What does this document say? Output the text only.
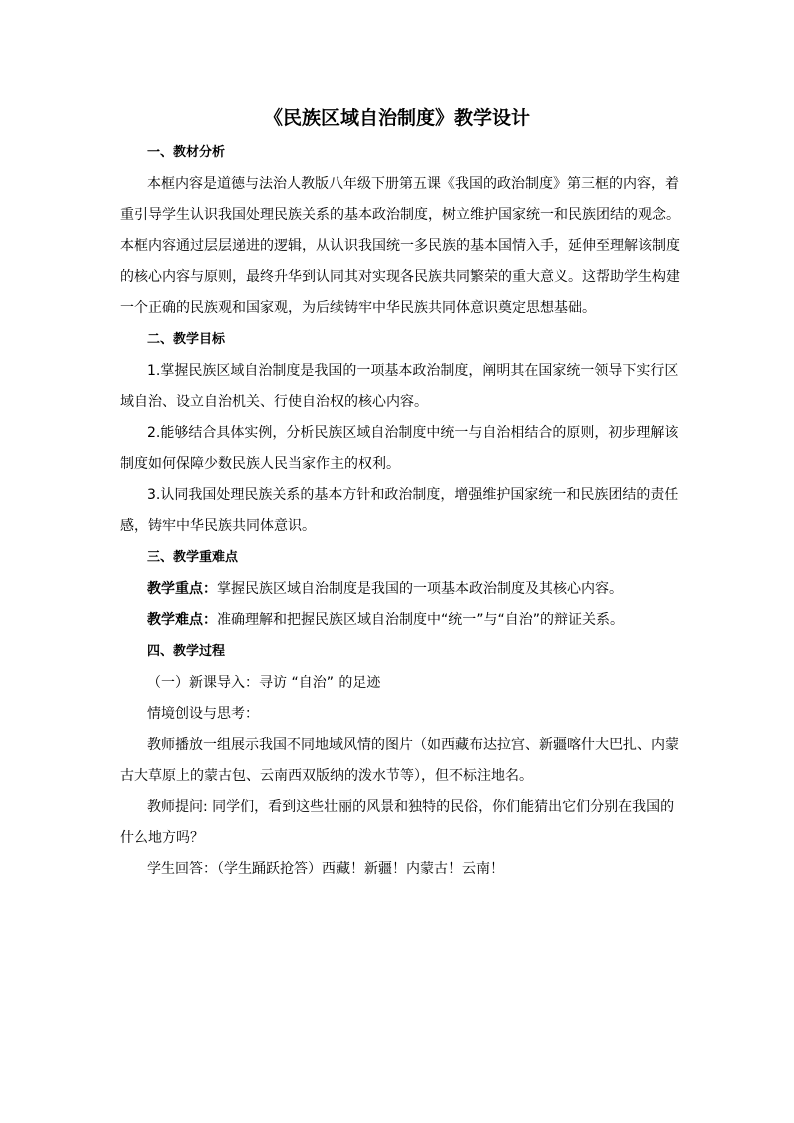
《民族区域自治制度》教学设计
一、教材分析
本框内容是道德与法治人教版八年级下册第五课《我国的政治制度》第三框的内容，着
重引导学生认识我国处理民族关系的基本政治制度，树立维护国家统一和民族团结的观念。
本框内容通过层层递进的逻辑，从认识我国统一多民族的基本国情入手，延伸至理解该制度
的核心内容与原则，最终升华到认同其对实现各民族共同繁荣的重大意义。这帮助学生构建
一个正确的民族观和国家观，为后续铸牢中华民族共同体意识奠定思想基础。
二、教学目标
1.掌握民族区域自治制度是我国的一项基本政治制度，阐明其在国家统一领导下实行区
域自治、设立自治机关、行使自治权的核心内容。
2.能够结合具体实例，分析民族区域自治制度中统一与自治相结合的原则，初步理解该
制度如何保障少数民族人民当家作主的权利。
3.认同我国处理民族关系的基本方针和政治制度，增强维护国家统一和民族团结的责任
感，铸牢中华民族共同体意识。
三、教学重难点
教学重点：掌握民族区域自治制度是我国的一项基本政治制度及其核心内容。
教学难点：准确理解和把握民族区域自治制度中“统一”与“自治”的辩证关系。
四、教学过程
（一）新课导入：寻访 “自治” 的足迹
情境创设与思考：
教师播放一组展示我国不同地域风情的图片（如西藏布达拉宫、新疆喀什大巴扎、内蒙
古大草原上的蒙古包、云南西双版纳的泼水节等），但不标注地名。
教师提问: 同学们，看到这些壮丽的风景和独特的民俗，你们能猜出它们分别在我国的
什么地方吗？
学生回答：（学生踊跃抢答）西藏！新疆！内蒙古！云南！
